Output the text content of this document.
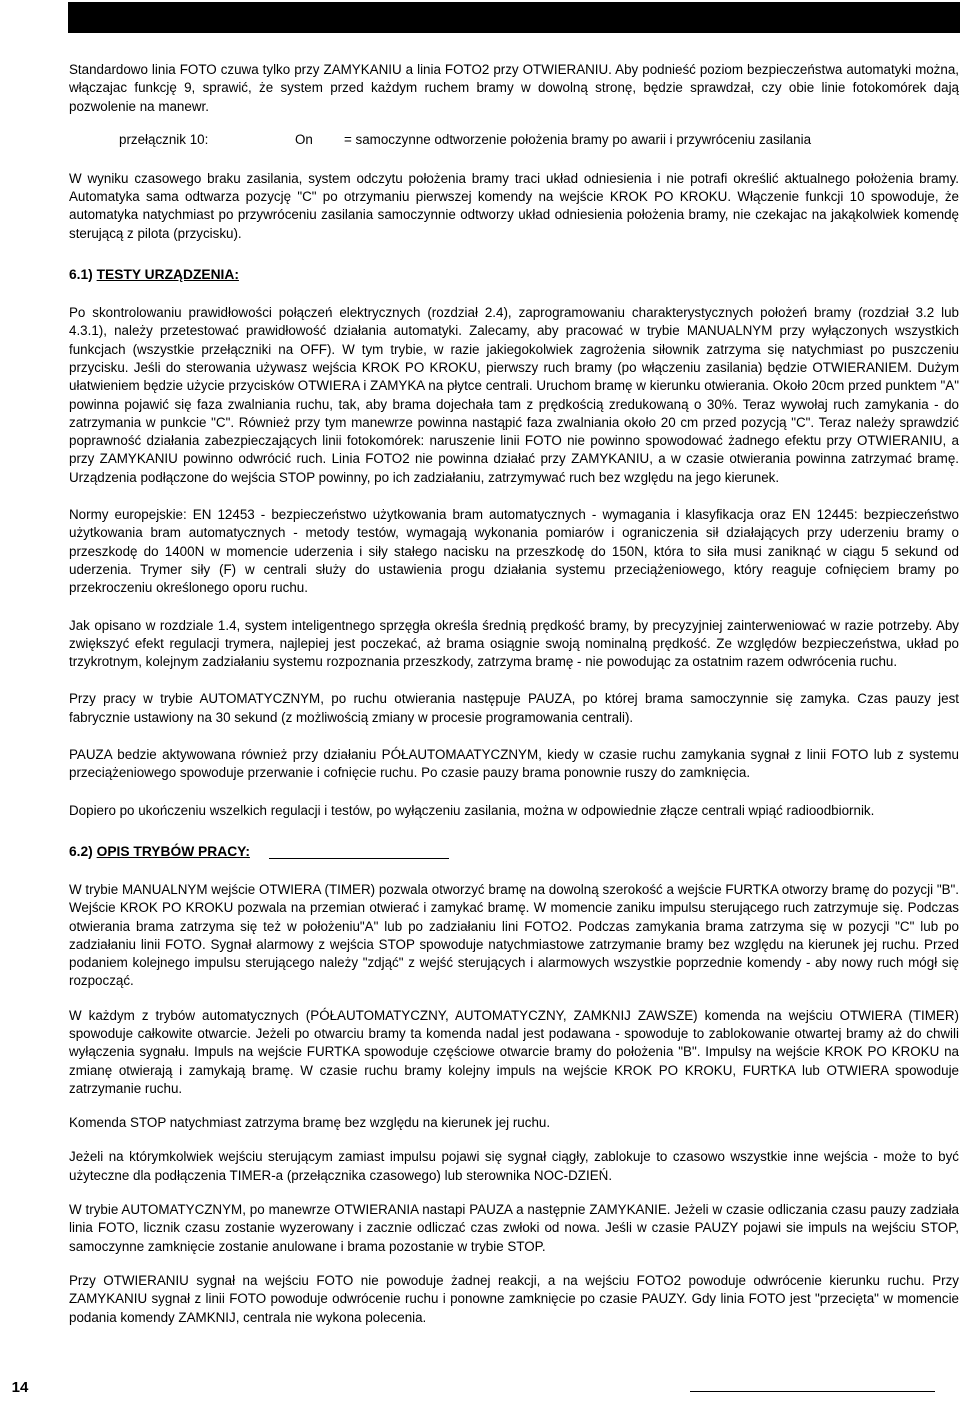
Standardowo linia FOTO czuwa tylko przy ZAMYKANIU a linia FOTO2 przy OTWIERANIU. Aby podnieść poziom bezpieczeństwa automatyki można, włączajac funkcję 9, sprawić, że system przed każdym ruchem bramy w dowolną stronę, będzie sprawdzał, czy obie linie fotokomórek dają pozwolenie na manewr.

przełącznik 10:	On = samoczynne odtworzenie położenia bramy po awarii i przywróceniu zasilania

W wyniku czasowego braku zasilania, system odczytu położenia bramy traci układ odniesienia i nie potrafi określić aktualnego położenia bramy. Automatyka sama odtwarza pozycję "C" po otrzymaniu pierwszej komendy na wejście KROK PO KROKU. Włączenie funkcji 10 spowoduje, że automatyka natychmiast po przywróceniu zasilania samoczynnie odtworzy układ odniesienia położenia bramy, nie czekajac na jakąkolwiek komendę sterującą z pilota (przycisku).

6.1) TESTY URZĄDZENIA:

Po skontrolowaniu prawidłowości połączeń elektrycznych (rozdział 2.4), zaprogramowaniu charakterystycznych położeń bramy (rozdział 3.2 lub 4.3.1), należy przetestować prawidłowość działania automatyki. Zalecamy, aby pracować w trybie MANUALNYM przy wyłączonych wszystkich funkcjach (wszystkie przełączniki na OFF). W tym trybie, w razie jakiegokolwiek zagrożenia siłownik zatrzyma się natychmiast po puszczeniu przycisku. Jeśli do sterowania używasz wejścia KROK PO KROKU, pierwszy ruch bramy (po włączeniu zasilania) będzie OTWIERANIEM. Dużym ułatwieniem będzie użycie przycisków OTWIERA i ZAMYKA na płytce centrali. Uruchom bramę w kierunku otwierania. Około 20cm przed punktem "A" powinna pojawić się faza zwalniania ruchu, tak, aby brama dojechała tam z prędkością zredukowaną o 30%. Teraz wywołaj ruch zamykania - do zatrzymania w punkcie "C". Również przy tym manewrze powinna nastąpić faza zwalniania około 20 cm przed pozycją "C". Teraz należy sprawdzić poprawność działania zabezpieczających linii fotokomórek: naruszenie linii FOTO nie powinno spowodować żadnego efektu przy OTWIERANIU, a przy ZAMYKANIU powinno odwrócić ruch. Linia FOTO2 nie powinna działać przy ZAMYKANIU, a w czasie otwierania powinna zatrzymać bramę. Urządzenia podłączone do wejścia STOP powinny, po ich zadziałaniu, zatrzymywać ruch bez względu na jego kierunek.

Normy europejskie: EN 12453 - bezpieczeństwo użytkowania bram automatycznych - wymagania i klasyfikacja oraz EN 12445: bezpieczeństwo użytkowania bram automatycznych - metody testów, wymagają wykonania pomiarów i ograniczenia sił działających przy uderzeniu bramy o przeszkodę do 1400N w momencie uderzenia i siły stałego nacisku na przeszkodę do 150N, która to siła musi zaniknąć w ciągu 5 sekund od uderzenia. Trymer siły (F) w centrali służy do ustawienia progu działania systemu przeciążeniowego, który reaguje cofnięciem bramy po przekroczeniu określonego oporu ruchu.

Jak opisano w rozdziale 1.4, system inteligentnego sprzęgła określa średnią prędkość bramy, by precyzyjniej zainterweniować w razie potrzeby. Aby zwiększyć efekt regulacji trymera, najlepiej jest poczekać, aż brama osiągnie swoją nominalną prędkość. Ze względów bezpieczeństwa, układ po trzykrotnym, kolejnym zadziałaniu systemu rozpoznania przeszkody, zatrzyma bramę - nie powodując za ostatnim razem odwrócenia ruchu.

Przy pracy w trybie AUTOMATYCZNYM, po ruchu otwierania następuje PAUZA, po której brama samoczynnie się zamyka. Czas pauzy jest fabrycznie ustawiony na 30 sekund (z możliwością zmiany w procesie programowania centrali).

PAUZA bedzie aktywowana również przy działaniu PÓŁAUTOMAATYCZNYM, kiedy w czasie ruchu zamykania sygnał z linii FOTO lub z systemu przeciążeniowego spowoduje przerwanie i cofnięcie ruchu. Po czasie pauzy brama ponownie ruszy do zamknięcia.

Dopiero po ukończeniu wszelkich regulacji i testów, po wyłączeniu zasilania, można w odpowiednie złącze centrali wpiąć radioodbiornik.

6.2) OPIS TRYBÓW PRACY:

W trybie MANUALNYM wejście OTWIERA (TIMER) pozwala otworzyć bramę na dowolną szerokość a wejście FURTKA otworzy bramę do pozycji "B". Wejście KROK PO KROKU pozwala na przemian otwierać i zamykać bramę. W momencie zaniku impulsu sterującego ruch zatrzymuje się. Podczas otwierania brama zatrzyma się też w położeniu"A" lub po zadziałaniu lini FOTO2. Podczas zamykania brama zatrzyma się w pozycji "C" lub po zadziałaniu linii FOTO. Sygnał alarmowy z wejścia STOP spowoduje natychmiastowe zatrzymanie bramy bez względu na kierunek jej ruchu. Przed podaniem kolejnego impulsu sterującego należy "zdjąć" z wejść sterujących i alarmowych wszystkie poprzednie komendy - aby nowy ruch mógł się rozpocząć.

W każdym z trybów automatycznych (PÓŁAUTOMATYCZNY, AUTOMATYCZNY, ZAMKNIJ ZAWSZE) komenda na wejściu OTWIERA (TIMER) spowoduje całkowite otwarcie. Jeżeli po otwarciu bramy ta komenda nadal jest podawana - spowoduje to zablokowanie otwartej bramy aż do chwili wyłączenia sygnału. Impuls na wejście FURTKA spowoduje częściowe otwarcie bramy do położenia "B". Impulsy na wejście KROK PO KROKU na zmianę otwierają i zamykają bramę. W czasie ruchu bramy kolejny impuls na wejście KROK PO KROKU, FURTKA lub OTWIERA spowoduje zatrzymanie ruchu.

Komenda STOP natychmiast zatrzyma bramę bez względu na kierunek jej ruchu.

Jeżeli na którymkolwiek wejściu sterującym zamiast impulsu pojawi się sygnał ciągły, zablokuje to czasowo wszystkie inne wejścia - może to być użyteczne dla podłączenia TIMER-a (przełącznika czasowego) lub sterownika NOC-DZIEŃ.

W trybie AUTOMATYCZNYM, po manewrze OTWIERANIA nastapi PAUZA a następnie ZAMYKANIE. Jeżeli w czasie odliczania czasu pauzy zadziała linia FOTO, licznik czasu zostanie wyzerowany i zacznie odliczać czas zwłoki od nowa. Jeśli w czasie PAUZY pojawi sie impuls na wejściu STOP, samoczynne zamknięcie zostanie anulowane i brama pozostanie w trybie STOP.

Przy OTWIERANIU sygnał na wejściu FOTO nie powoduje żadnej reakcji, a na wejściu FOTO2 powoduje odwrócenie kierunku ruchu. Przy ZAMYKANIU sygnał z linii FOTO powoduje odwrócenie ruchu i ponowne zamknięcie po czasie PAUZY. Gdy linia FOTO jest "przecięta" w momencie podania komendy ZAMKNIJ, centrala nie wykona polecenia.

14
